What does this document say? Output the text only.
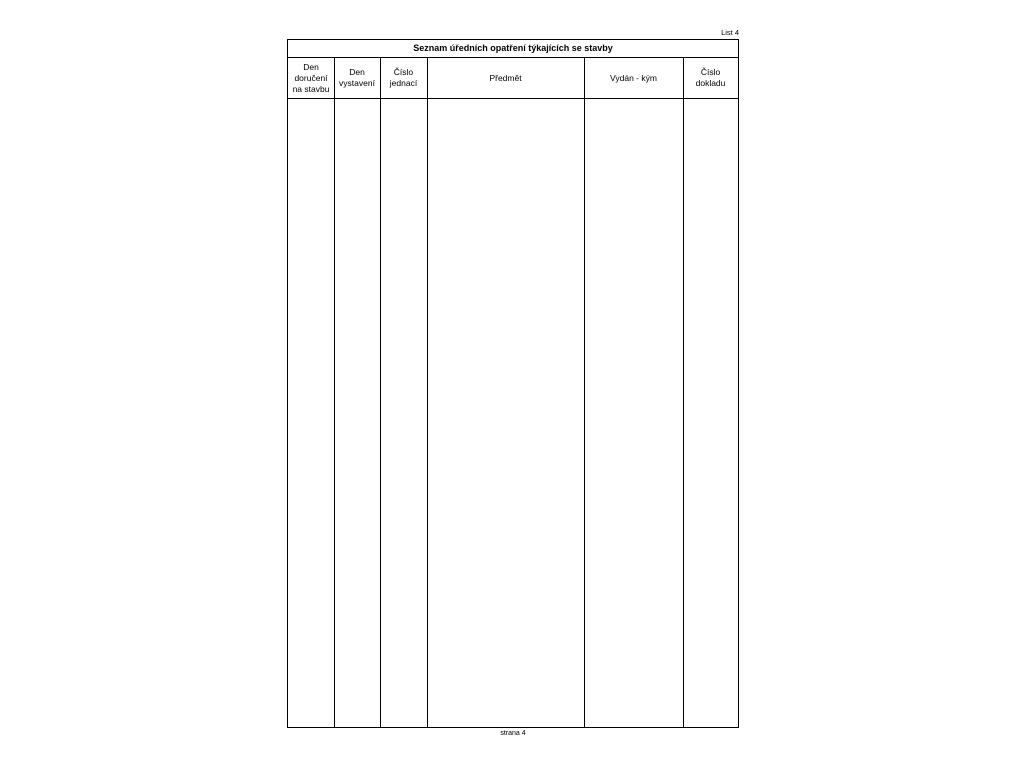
List 4
Seznam úředních opatření týkajících se stavby
Den
doručení
na stavbu
Den
vystavení
Číslo
jednací
Předmět	Vydán - kým
Číslo
dokladu
strana 4
